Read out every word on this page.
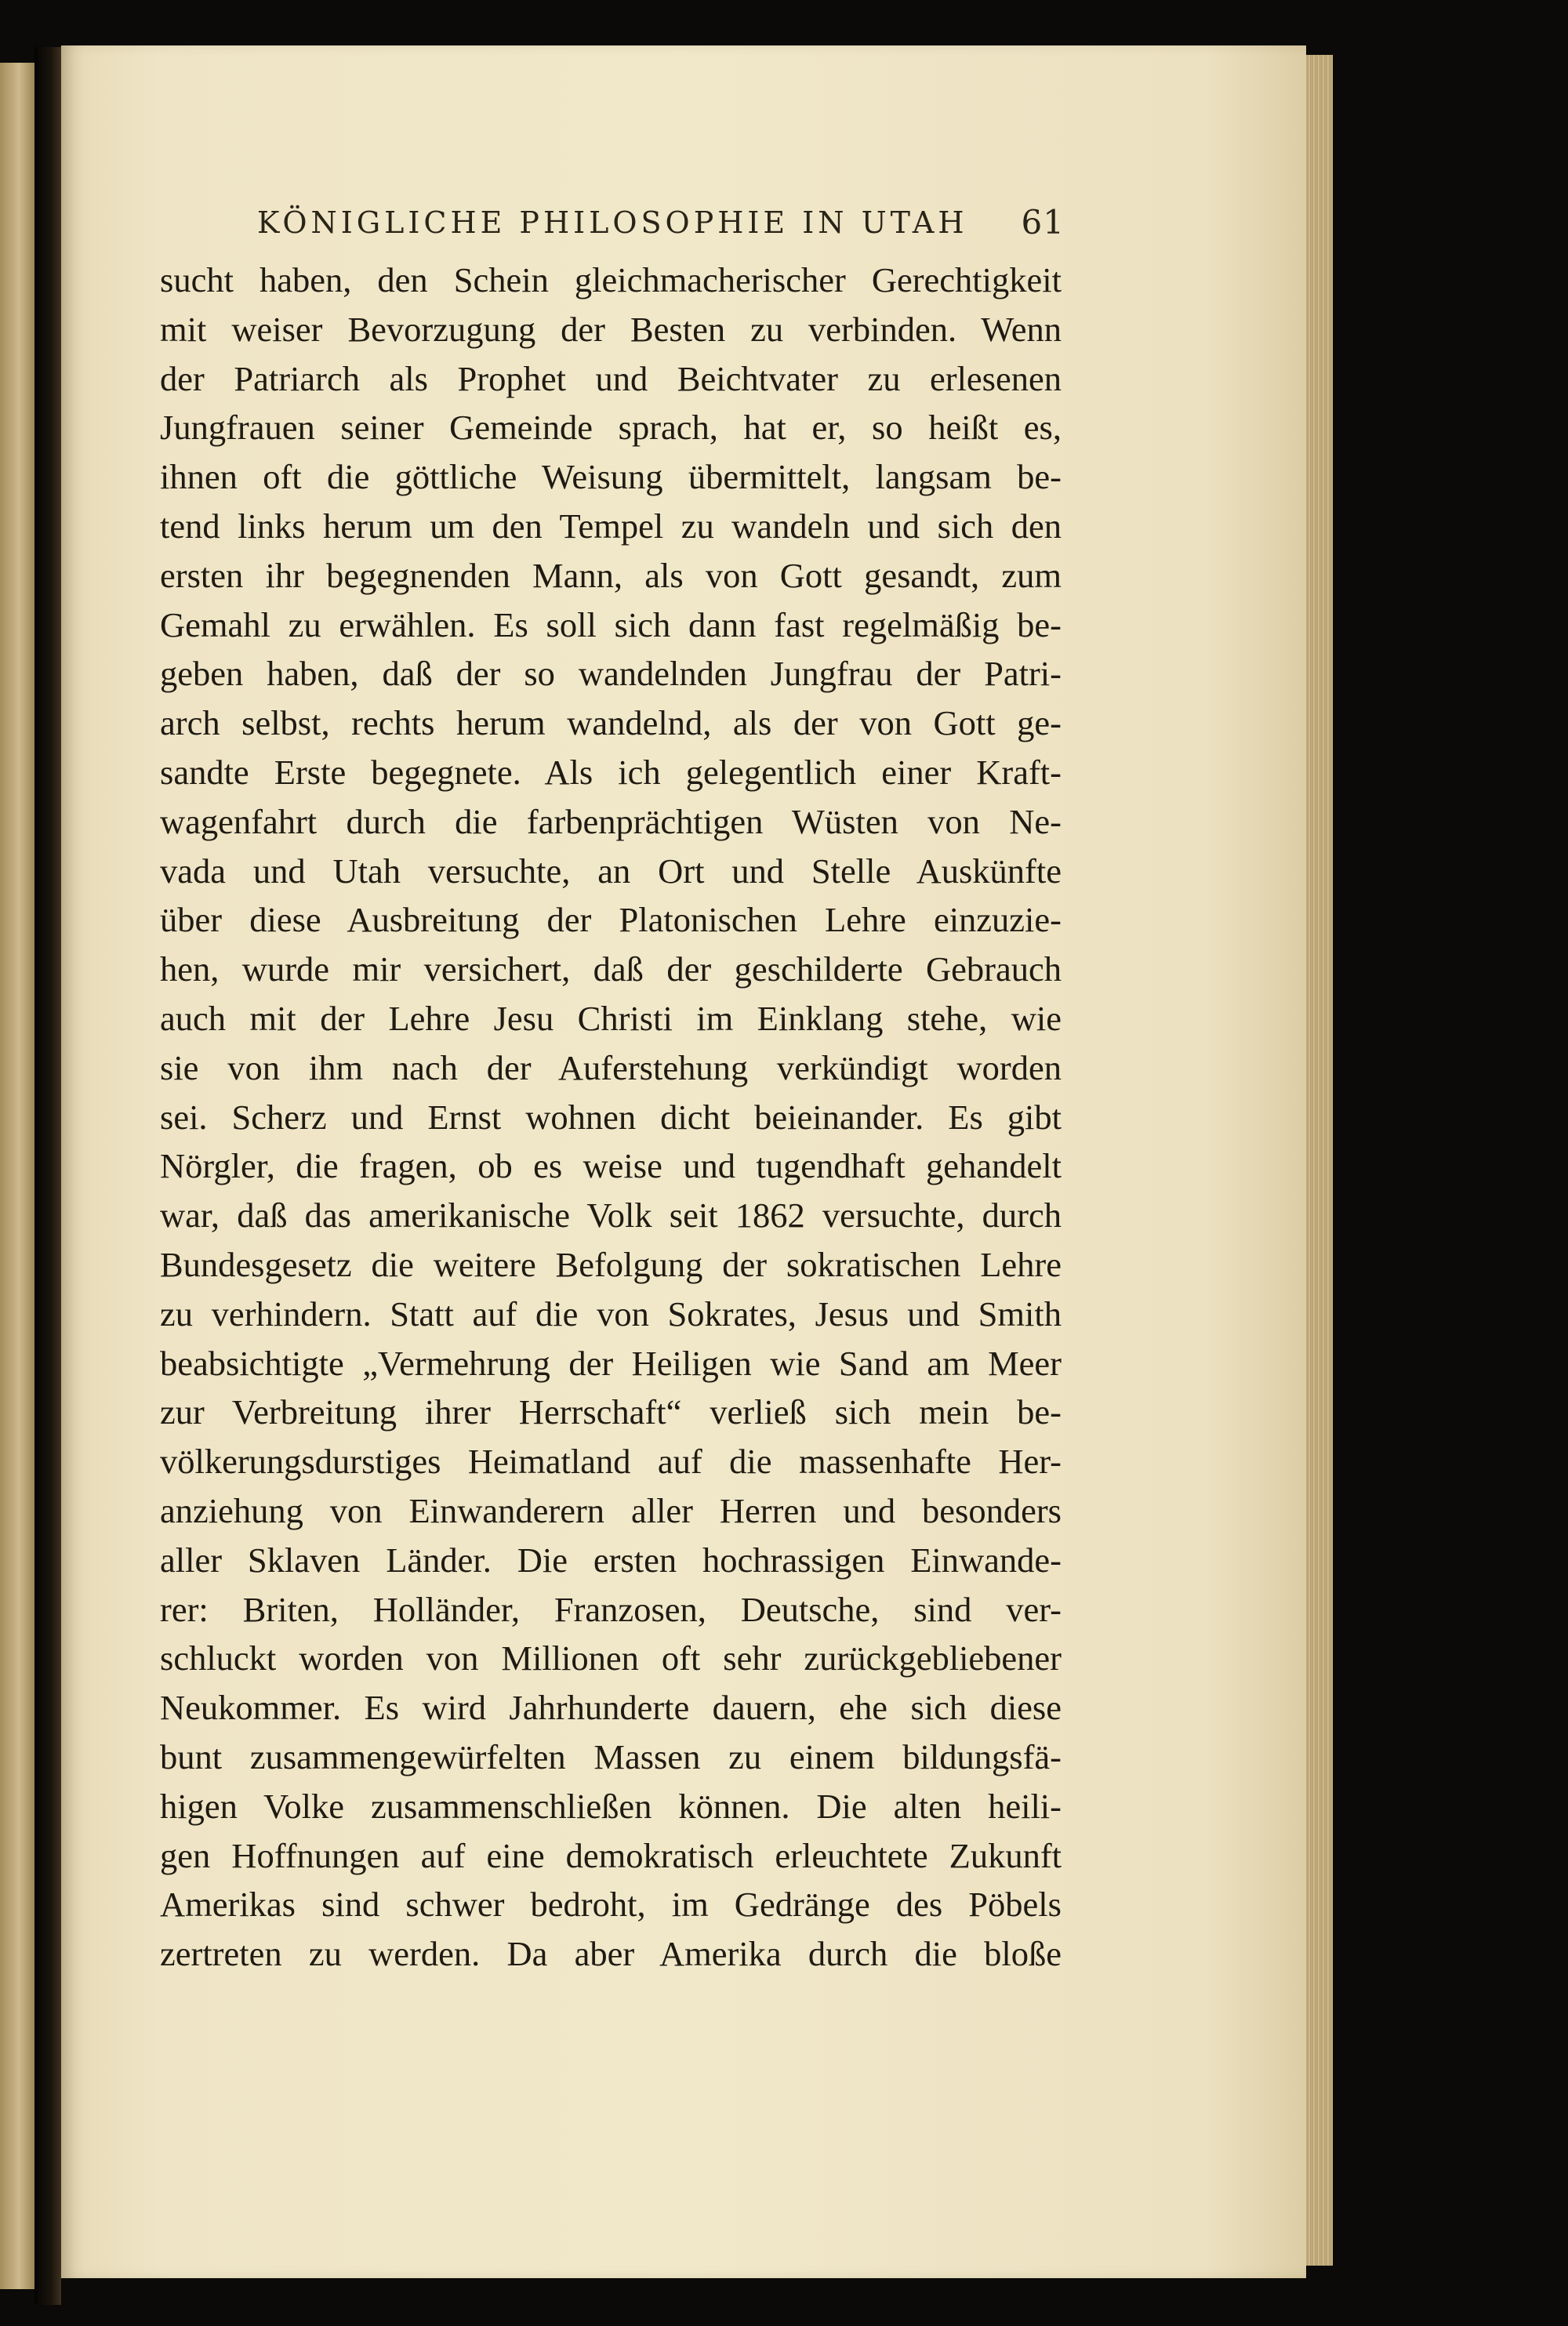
KÖNIGLICHE PHILOSOPHIE IN UTAH 61
sucht haben, den Schein gleichmacherischer Gerechtigkeit
mit weiser Bevorzugung der Besten zu verbinden. Wenn
der Patriarch als Prophet und Beichtvater zu erlesenen
Jungfrauen seiner Gemeinde sprach, hat er, so heißt es,
ihnen oft die göttliche Weisung übermittelt, langsam be-
tend links herum um den Tempel zu wandeln und sich den
ersten ihr begegnenden Mann, als von Gott gesandt, zum
Gemahl zu erwählen. Es soll sich dann fast regelmäßig be-
geben haben, daß der so wandelnden Jungfrau der Patri-
arch selbst, rechts herum wandelnd, als der von Gott ge-
sandte Erste begegnete. Als ich gelegentlich einer Kraft-
wagenfahrt durch die farbenprächtigen Wüsten von Ne-
vada und Utah versuchte, an Ort und Stelle Auskünfte
über diese Ausbreitung der Platonischen Lehre einzuzie-
hen, wurde mir versichert, daß der geschilderte Gebrauch
auch mit der Lehre Jesu Christi im Einklang stehe, wie
sie von ihm nach der Auferstehung verkündigt worden
sei. Scherz und Ernst wohnen dicht beieinander. Es gibt
Nörgler, die fragen, ob es weise und tugendhaft gehandelt
war, daß das amerikanische Volk seit 1862 versuchte, durch
Bundesgesetz die weitere Befolgung der sokratischen Lehre
zu verhindern. Statt auf die von Sokrates, Jesus und Smith
beabsichtigte „Vermehrung der Heiligen wie Sand am Meer
zur Verbreitung ihrer Herrschaft“ verließ sich mein be-
völkerungsdurstiges Heimatland auf die massenhafte Her-
anziehung von Einwanderern aller Herren und besonders
aller Sklaven Länder. Die ersten hochrassigen Einwande-
rer: Briten, Holländer, Franzosen, Deutsche, sind ver-
schluckt worden von Millionen oft sehr zurückgebliebener
Neukommer. Es wird Jahrhunderte dauern, ehe sich diese
bunt zusammengewürfelten Massen zu einem bildungsfä-
higen Volke zusammenschließen können. Die alten heili-
gen Hoffnungen auf eine demokratisch erleuchtete Zukunft
Amerikas sind schwer bedroht, im Gedränge des Pöbels
zertreten zu werden. Da aber Amerika durch die bloße
